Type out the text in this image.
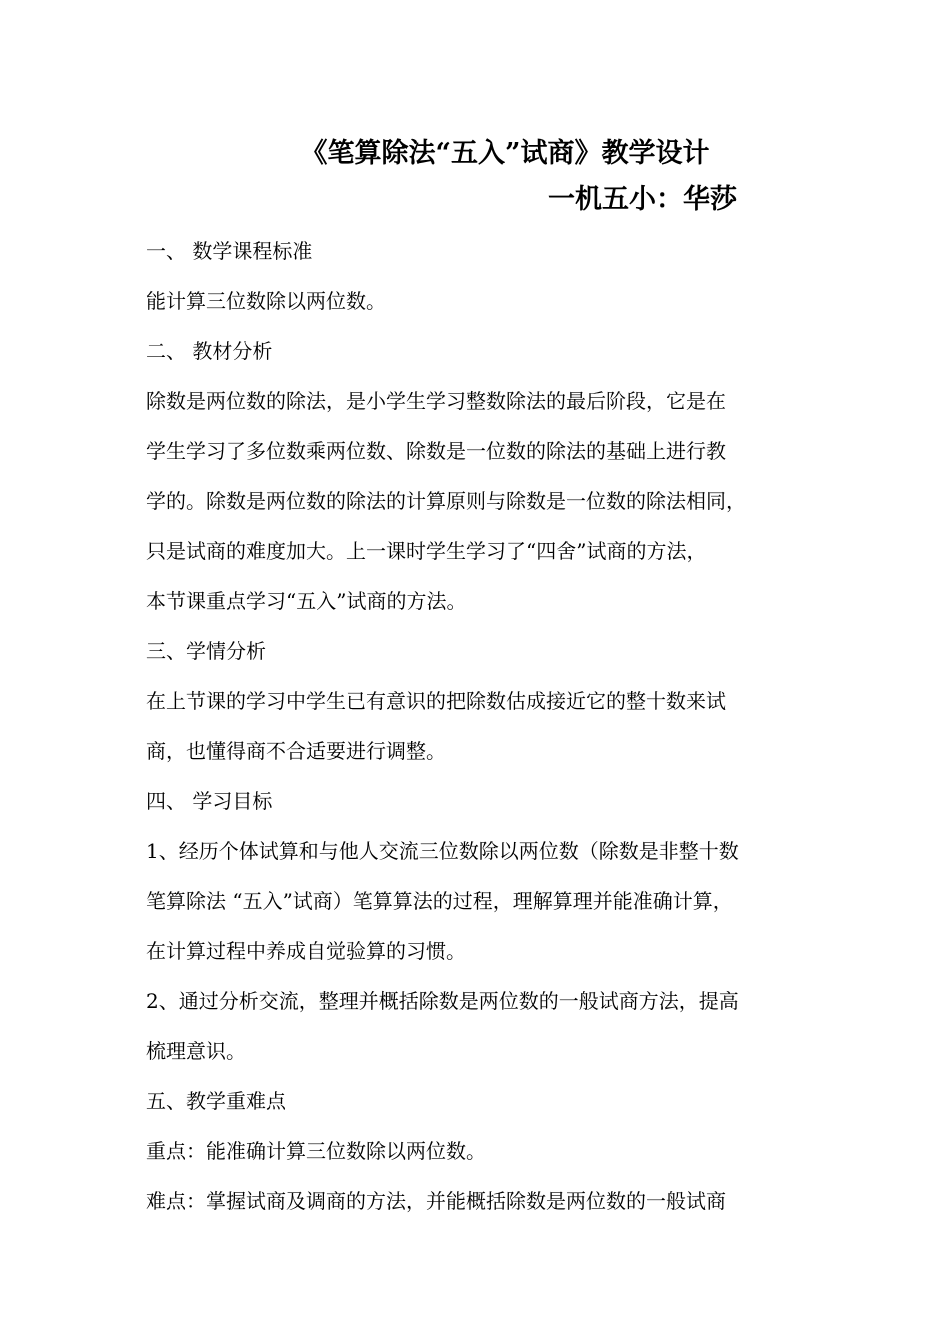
《笔算除法“五入”试商》教学设计
一机五小：华莎
一、 数学课程标准
能计算三位数除以两位数。
二、 教材分析
除数是两位数的除法，是小学生学习整数除法的最后阶段，它是在
学生学习了多位数乘两位数、除数是一位数的除法的基础上进行教
学的。除数是两位数的除法的计算原则与除数是一位数的除法相同，
只是试商的难度加大。上一课时学生学习了“四舍”试商的方法，
本节课重点学习“五入”试商的方法。
三、学情分析
在上节课的学习中学生已有意识的把除数估成接近它的整十数来试
商，也懂得商不合适要进行调整。
四、 学习目标
1、经历个体试算和与他人交流三位数除以两位数（除数是非整十数
笔算除法 “五入”试商）笔算算法的过程，理解算理并能准确计算，
在计算过程中养成自觉验算的习惯。
2、通过分析交流，整理并概括除数是两位数的一般试商方法，提高
梳理意识。
五、教学重难点
重点：能准确计算三位数除以两位数。
难点：掌握试商及调商的方法，并能概括除数是两位数的一般试商
